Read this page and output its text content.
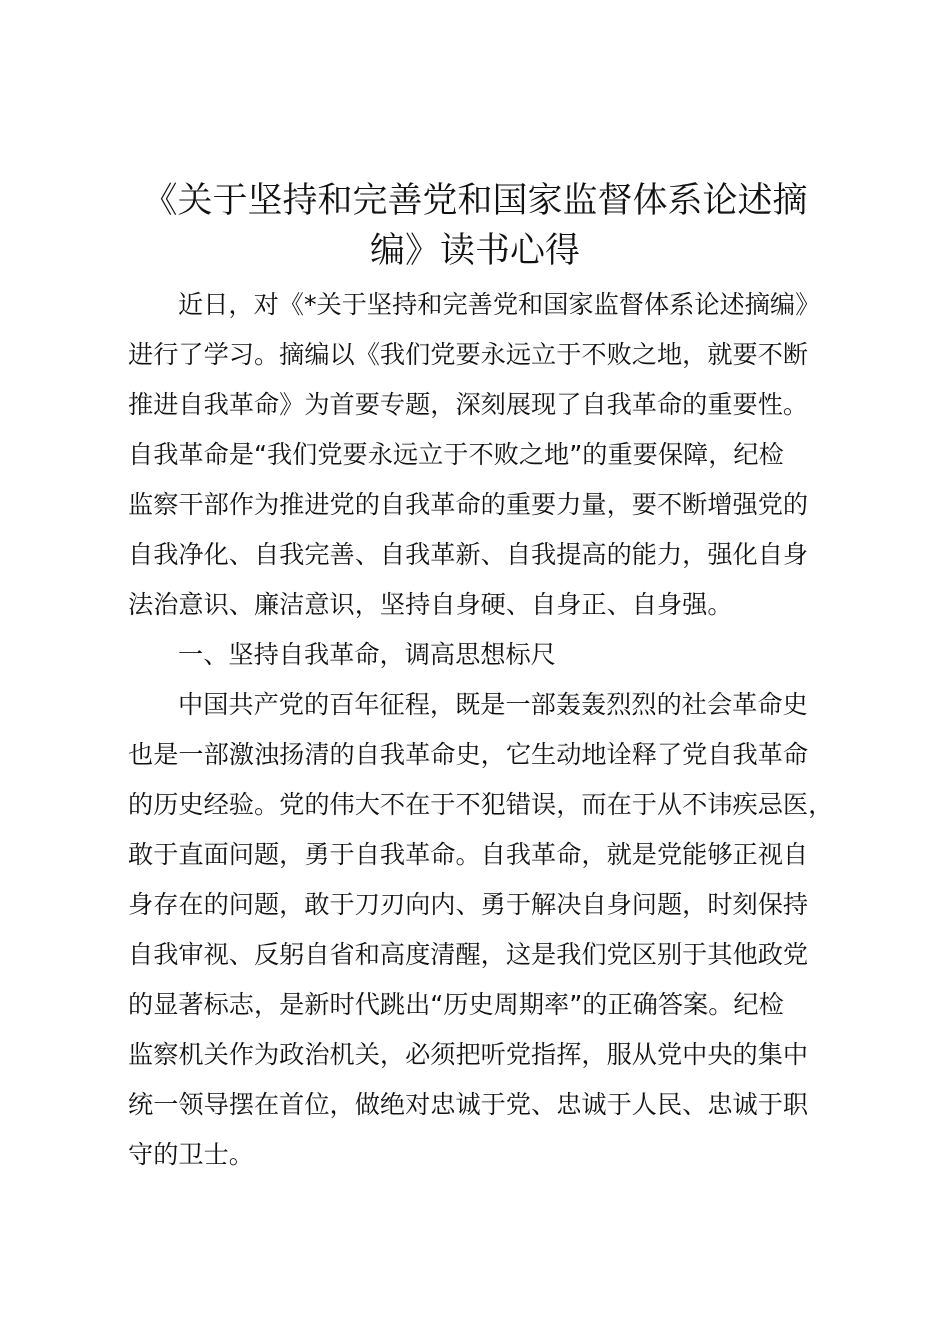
《关于坚持和完善党和国家监督体系论述摘
编》读书心得
近日，对《*关于坚持和完善党和国家监督体系论述摘编》
进行了学习。摘编以《我们党要永远立于不败之地，就要不断
推进自我革命》为首要专题，深刻展现了自我革命的重要性。
自我革命是“我们党要永远立于不败之地”的重要保障，纪检
监察干部作为推进党的自我革命的重要力量，要不断增强党的
自我净化、自我完善、自我革新、自我提高的能力，强化自身
法治意识、廉洁意识，坚持自身硬、自身正、自身强。
一、坚持自我革命，调高思想标尺
中国共产党的百年征程，既是一部轰轰烈烈的社会革命史
也是一部激浊扬清的自我革命史，它生动地诠释了党自我革命
的历史经验。党的伟大不在于不犯错误，而在于从不讳疾忌医，
敢于直面问题，勇于自我革命。自我革命，就是党能够正视自
身存在的问题，敢于刀刃向内、勇于解决自身问题，时刻保持
自我审视、反躬自省和高度清醒，这是我们党区别于其他政党
的显著标志，是新时代跳出“历史周期率”的正确答案。纪检
监察机关作为政治机关，必须把听党指挥，服从党中央的集中
统一领导摆在首位，做绝对忠诚于党、忠诚于人民、忠诚于职
守的卫士。
